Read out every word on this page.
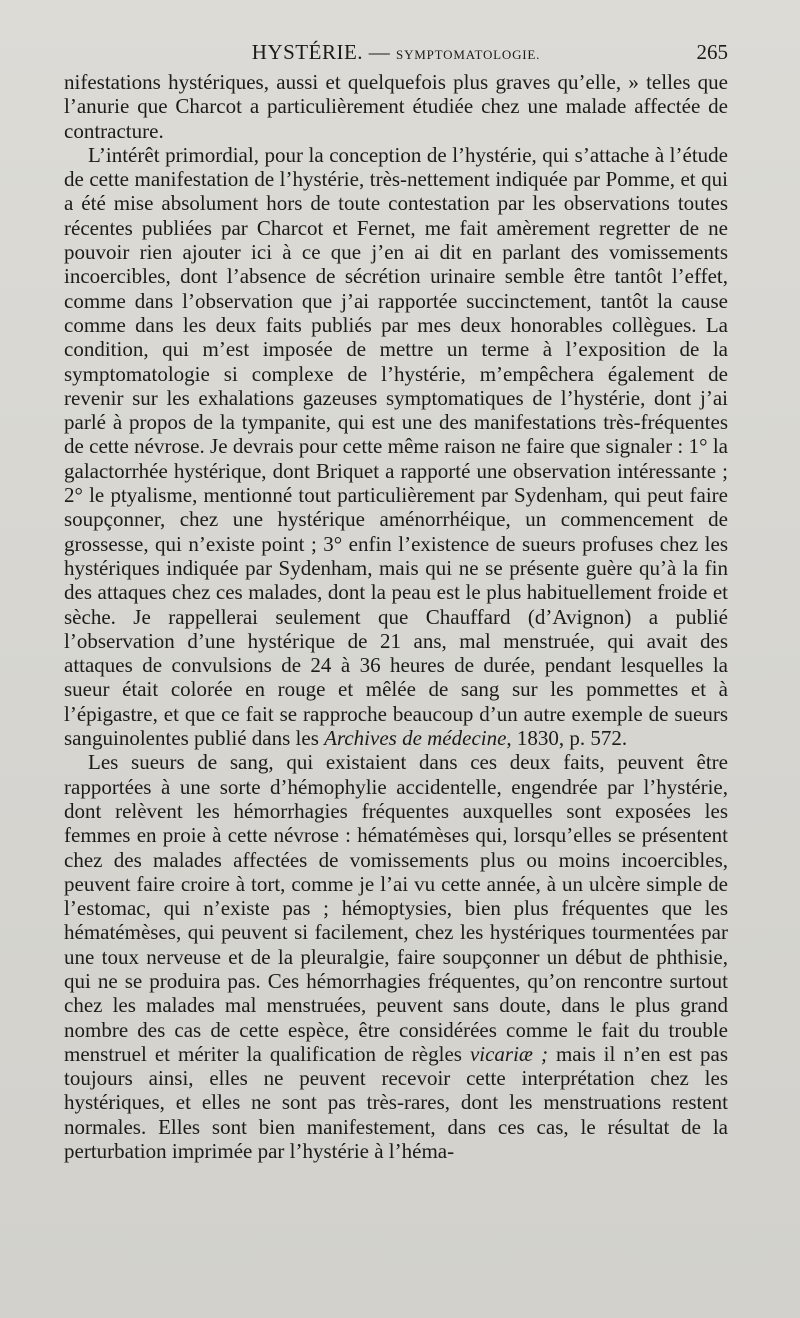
HYSTÉRIE. — SYMPTOMATOLOGIE.	265

nifestations hystériques, aussi et quelquefois plus graves qu’elle, » telles que l’anurie que Charcot a particulièrement étudiée chez une malade affectée de contracture.

L’intérêt primordial, pour la conception de l’hystérie, qui s’attache à l’étude de cette manifestation de l’hystérie, très-nettement indiquée par Pomme, et qui a été mise absolument hors de toute contestation par les observations toutes récentes publiées par Charcot et Fernet, me fait amèrement regretter de ne pouvoir rien ajouter ici à ce que j’en ai dit en parlant des vomissements incoercibles, dont l’absence de sécrétion urinaire semble être tantôt l’effet, comme dans l’observation que j’ai rapportée succinctement, tantôt la cause comme dans les deux faits publiés par mes deux honorables collègues. La condition, qui m’est imposée de mettre un terme à l’exposition de la symptomatologie si complexe de l’hystérie, m’empêchera également de revenir sur les exhalations gazeuses symptomatiques de l’hystérie, dont j’ai parlé à propos de la tympanite, qui est une des manifestations très-fréquentes de cette névrose. Je devrais pour cette même raison ne faire que signaler : 1° la galactorrhée hystérique, dont Briquet a rapporté une observation intéressante ; 2° le ptyalisme, mentionné tout particulièrement par Sydenham, qui peut faire soupçonner, chez une hystérique aménorrhéique, un commencement de grossesse, qui n’existe point ; 3° enfin l’existence de sueurs profuses chez les hystériques indiquée par Sydenham, mais qui ne se présente guère qu’à la fin des attaques chez ces malades, dont la peau est le plus habituellement froide et sèche. Je rappellerai seulement que Chauffard (d’Avignon) a publié l’observation d’une hystérique de 21 ans, mal menstruée, qui avait des attaques de convulsions de 24 à 36 heures de durée, pendant lesquelles la sueur était colorée en rouge et mêlée de sang sur les pommettes et à l’épigastre, et que ce fait se rapproche beaucoup d’un autre exemple de sueurs sanguinolentes publié dans les Archives de médecine, 1830, p. 572.

Les sueurs de sang, qui existaient dans ces deux faits, peuvent être rapportées à une sorte d’hémophylie accidentelle, engendrée par l’hystérie, dont relèvent les hémorrhagies fréquentes auxquelles sont exposées les femmes en proie à cette névrose : hématémèses qui, lorsqu’elles se présentent chez des malades affectées de vomissements plus ou moins incoercibles, peuvent faire croire à tort, comme je l’ai vu cette année, à un ulcère simple de l’estomac, qui n’existe pas ; hémoptysies, bien plus fréquentes que les hématémèses, qui peuvent si facilement, chez les hystériques tourmentées par une toux nerveuse et de la pleuralgie, faire soupçonner un début de phthisie, qui ne se produira pas. Ces hémorrhagies fréquentes, qu’on rencontre surtout chez les malades mal menstruées, peuvent sans doute, dans le plus grand nombre des cas de cette espèce, être considérées comme le fait du trouble menstruel et mériter la qualification de règles vicariæ ; mais il n’en est pas toujours ainsi, elles ne peuvent recevoir cette interprétation chez les hystériques, et elles ne sont pas très-rares, dont les menstruations restent normales. Elles sont bien manifestement, dans ces cas, le résultat de la perturbation imprimée par l’hystérie à l’héma-
